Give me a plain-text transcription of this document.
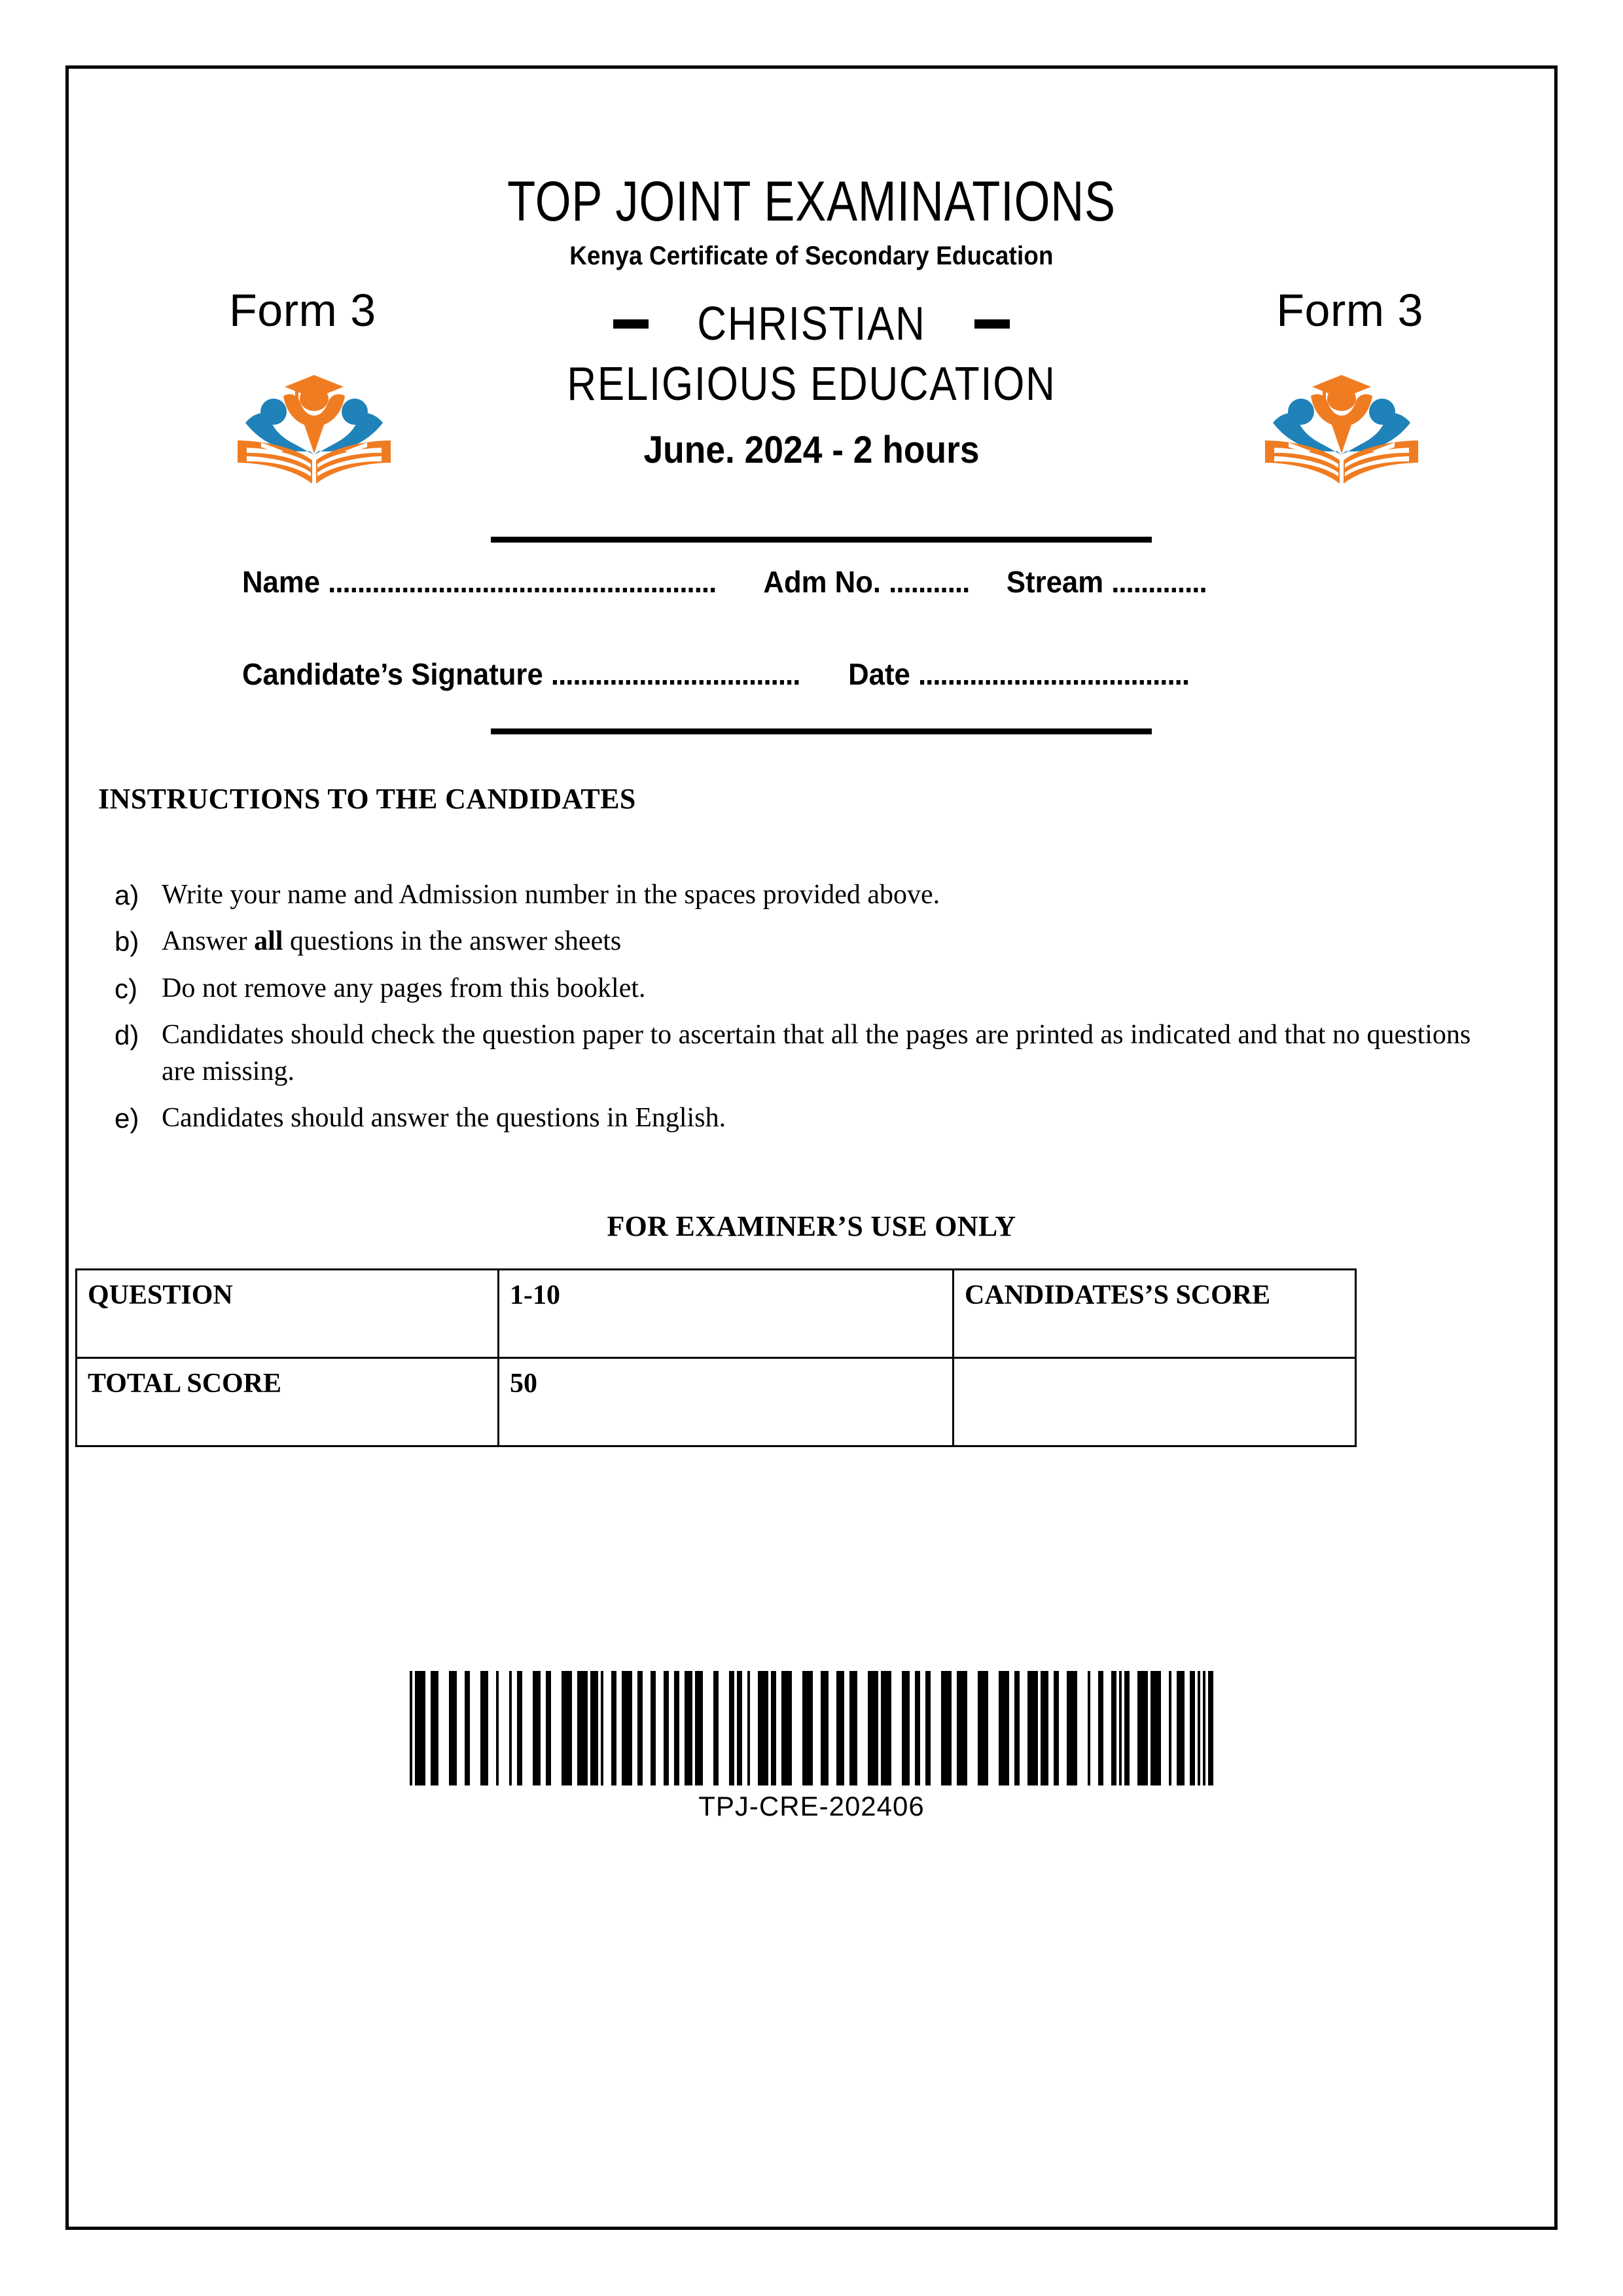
TOP JOINT EXAMINATIONS
Kenya Certificate of Secondary Education
Form 3	Form 3
CHRISTIAN
RELIGIOUS EDUCATION
June. 2024 - 2 hours
Name ..................................................... Adm No. ........... Stream .............
Candidate’s Signature .................................. Date .....................................
INSTRUCTIONS TO THE CANDIDATES
a) Write your name and Admission number in the spaces provided above.
b) Answer all questions in the answer sheets
c) Do not remove any pages from this booklet.
d) Candidates should check the question paper to ascertain that all the pages are printed as indicated and that no questions are missing.
e) Candidates should answer the questions in English.
FOR EXAMINER’S USE ONLY
QUESTION	1-10	CANDIDATES’S SCORE
TOTAL SCORE	50	
TPJ-CRE-202406
